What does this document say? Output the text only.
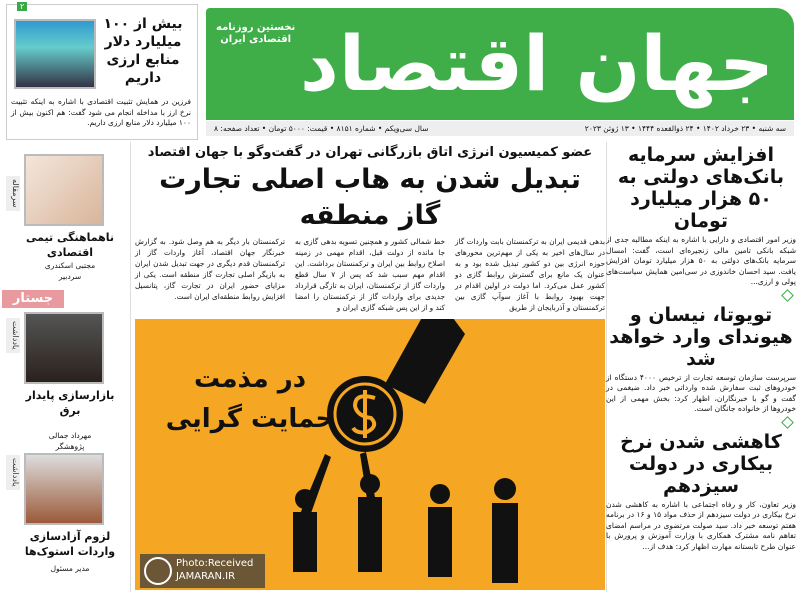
۲
بیش از ۱۰۰ میلیارد دلار منابع ارزی داریم
فرزین در همایش تثبیت اقتصادی با اشاره به اینکه تثبیت نرخ ارز با مداخله انجام می شود گفت: هم اکنون بیش از ۱۰۰ میلیارد دلار منابع ارزی داریم.
جهان اقتصاد
نخستین روزنامه
اقتصادی ایران
سه شنبه • ۲۳ خرداد ۱۴۰۲ • ۲۴ ذوالقعده ۱۴۴۴ • ۱۳ ژوئن ۲۰۲۳
سال سی‌ویکم • شماره ۸۱۵۱ • قیمت: ۵۰۰۰ تومان • تعداد صفحه: ۸
عضو کمیسیون انرژی اتاق بازرگانی تهران در گفت‌وگو با جهان اقتصاد
تبدیل شدن به هاب اصلی تجارت گاز منطقه

بدهی قدیمی ایران به ترکمنستان بابت واردات گاز در سال‌های اخیر به یکی از مهم‌ترین محورهای حوزه انرژی بین دو کشور تبدیل شده بود و به عنوان یک مانع برای گسترش روابط گازی دو کشور عمل می‌کرد. اما دولت در اولین اقدام در جهت بهبود روابط با آغاز سوآپ گازی بین ترکمنستان و آذربایجان از طریق

خط شمالی کشور و همچنین تسویه بدهی گازی به جا مانده از دولت قبل، اقدام مهمی در زمینه اصلاح روابط بین ایران و ترکمنستان برداشت. این اقدام مهم سبب شد که پس از ۷ سال قطع واردات گاز از ترکمنستان، ایران به تازگی قرارداد جدیدی برای واردات گاز از ترکمنستان را امضا کند و از این پس شبکه گازی ایران و

ترکمنستان بار دیگر به هم وصل شود. به گزارش خبرنگار جهان اقتصاد، آغاز واردات گاز از ترکمنستان قدم دیگری در جهت تبدیل شدن ایران به بازیگر اصلی تجارت گاز منطقه است. یکی از مزایای حضور ایران در تجارت گاز، پتانسیل افزایش روابط منطقه‌ای ایران است.

در مذمت حمایت گرایی
افزایش سرمایه بانک‌های دولتی به ۵۰ هزار میلیارد تومان
وزیر امور اقتصادی و دارایی با اشاره به اینکه مطالبه جدی از شبکه بانکی تامین مالی زنجیره‌ای است، گفت: امسال سرمایه بانک‌های دولتی به ۵۰ هزار میلیارد تومان افزایش یافت. سید احسان خاندوزی در سی‌امین همایش سیاست‌های پولی و ارزی...
تویوتا، نیسان و هیوندای وارد خواهد شد
سرپرست سازمان توسعه تجارت از ترخیص ۴۰۰۰ دستگاه از خودروهای ثبت سفارش شده وارداتی خبر داد. ضیغمی در گفت و گو با خبرنگاران، اظهار کرد: بخش مهمی از این خودروها از خانواده جانگان است.
کاهشی شدن نرخ بیکاری در دولت سیزدهم
وزیر تعاون، کار و رفاه اجتماعی با اشاره به کاهشی شدن نرخ بیکاری در دولت سیزدهم از حذف مواد ۱۵ و ۱۶ در برنامه هفتم توسعه خبر داد. سید صولت مرتضوی در مراسم امضای تفاهم نامه مشترک همکاری با وزارت آموزش و پرورش با عنوان طرح تابستانه مهارت اظهار کرد: هدف از...
سرمقاله
ناهماهنگی تیمی اقتصادی
مجتبی اسکندری
سردبیر
جستار
یادداشت
بازارسازی پایدار برق
مهرداد جمالی
پژوهشگر
یادداشت
لزوم آزادسازی واردات استوک‌ها
مدیر مسئول	Photo:Received
JAMARAN.IR
